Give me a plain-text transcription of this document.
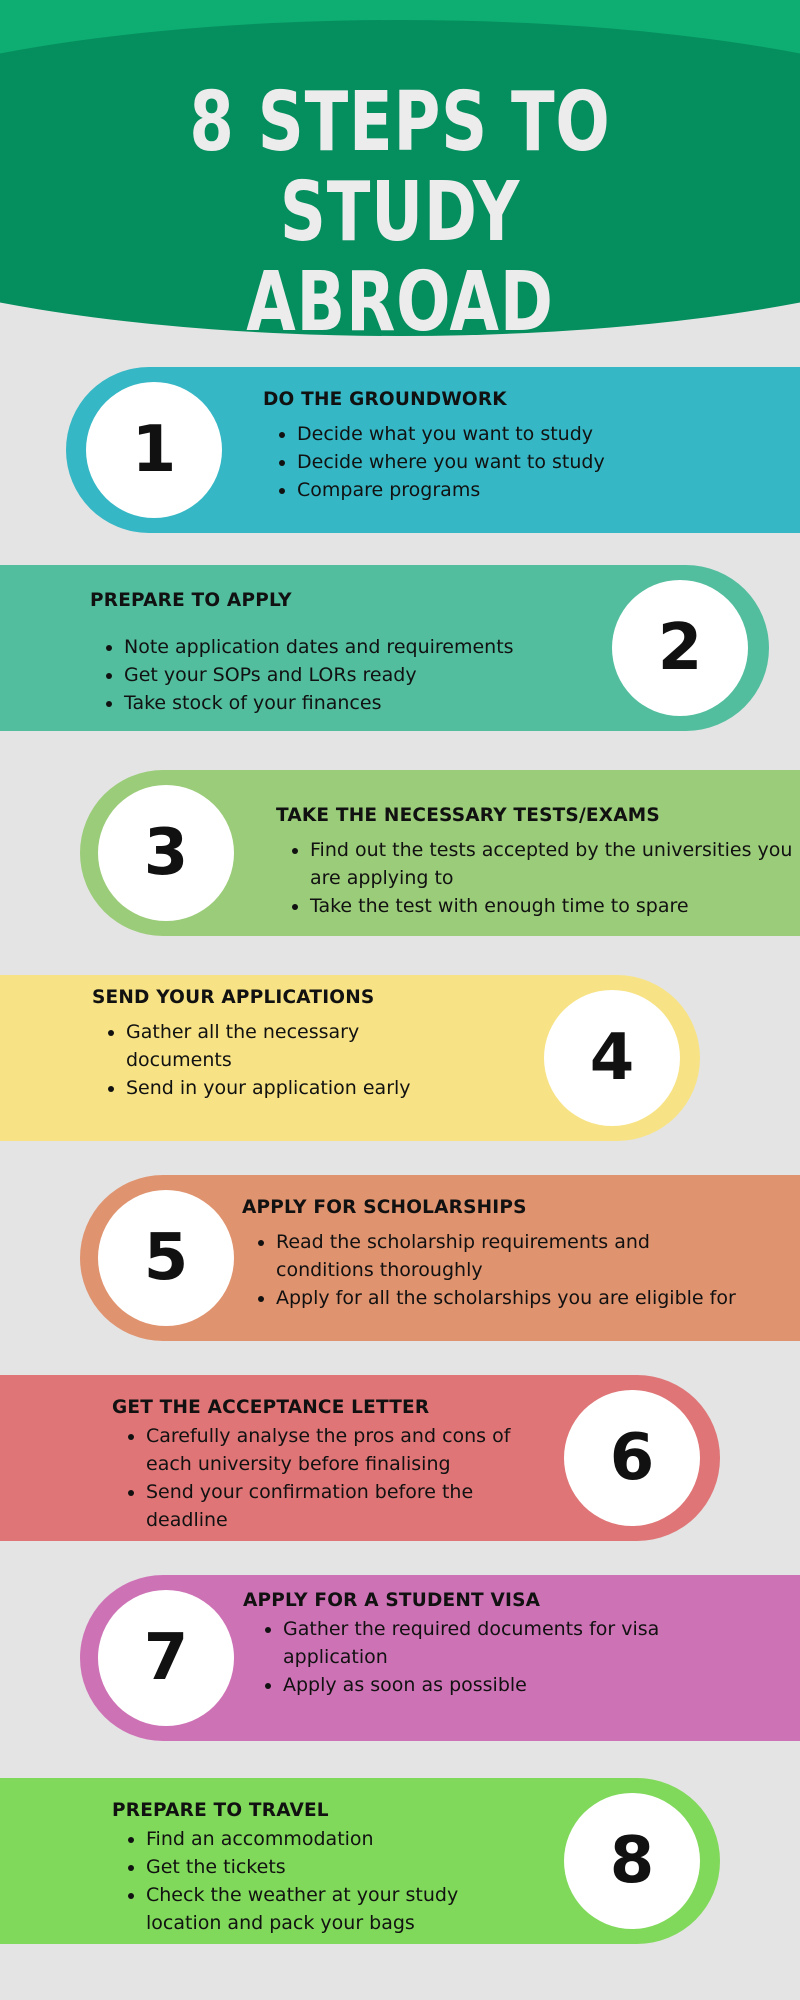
8 STEPS TO STUDY
ABROAD
1
DO THE GROUNDWORK
• Decide what you want to study
• Decide where you want to study
• Compare programs
2
PREPARE TO APPLY
• Note application dates and requirements
• Get your SOPs and LORs ready
• Take stock of your finances
3
TAKE THE NECESSARY TESTS/EXAMS
• Find out the tests accepted by the universities you are applying to
• Take the test with enough time to spare
4
SEND YOUR APPLICATIONS
• Gather all the necessary documents
• Send in your application early
5
APPLY FOR SCHOLARSHIPS
• Read the scholarship requirements and conditions thoroughly
• Apply for all the scholarships you are eligible for
6
GET THE ACCEPTANCE LETTER
• Carefully analyse the pros and cons of each university before finalising
• Send your confirmation before the deadline
7
APPLY FOR A STUDENT VISA
• Gather the required documents for visa application
• Apply as soon as possible
8
PREPARE TO TRAVEL
• Find an accommodation
• Get the tickets
• Check the weather at your study location and pack your bags
